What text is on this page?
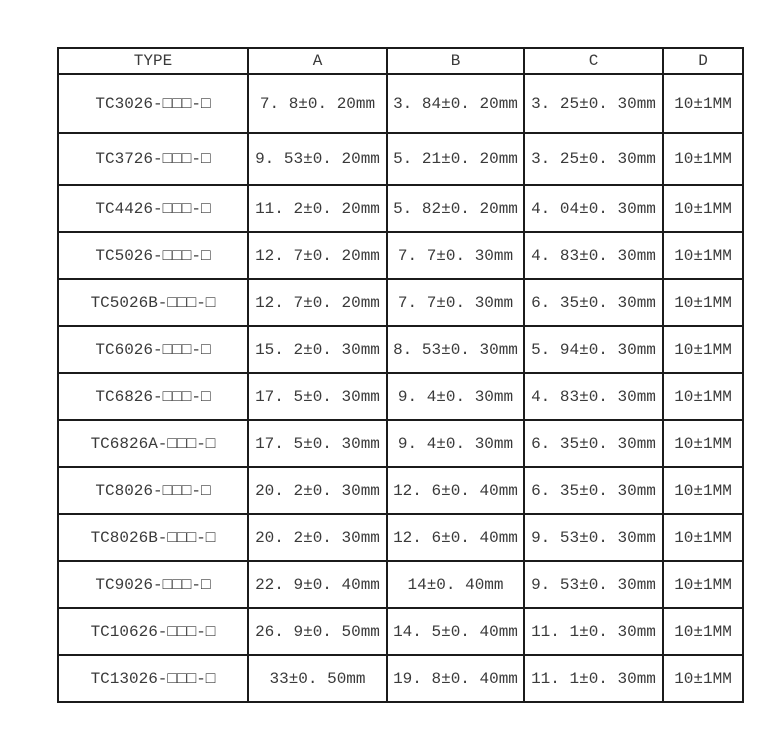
TYPE	A	B	C	D
TC3026-□□□-□	7. 8±0. 20mm	3. 84±0. 20mm	3. 25±0. 30mm	10±1MM
TC3726-□□□-□	9. 53±0. 20mm	5. 21±0. 20mm	3. 25±0. 30mm	10±1MM
TC4426-□□□-□	11. 2±0. 20mm	5. 82±0. 20mm	4. 04±0. 30mm	10±1MM
TC5026-□□□-□	12. 7±0. 20mm	7. 7±0. 30mm	4. 83±0. 30mm	10±1MM
TC5026B-□□□-□	12. 7±0. 20mm	7. 7±0. 30mm	6. 35±0. 30mm	10±1MM
TC6026-□□□-□	15. 2±0. 30mm	8. 53±0. 30mm	5. 94±0. 30mm	10±1MM
TC6826-□□□-□	17. 5±0. 30mm	9. 4±0. 30mm	4. 83±0. 30mm	10±1MM
TC6826A-□□□-□	17. 5±0. 30mm	9. 4±0. 30mm	6. 35±0. 30mm	10±1MM
TC8026-□□□-□	20. 2±0. 30mm	12. 6±0. 40mm	6. 35±0. 30mm	10±1MM
TC8026B-□□□-□	20. 2±0. 30mm	12. 6±0. 40mm	9. 53±0. 30mm	10±1MM
TC9026-□□□-□	22. 9±0. 40mm	14±0. 40mm	9. 53±0. 30mm	10±1MM
TC10626-□□□-□	26. 9±0. 50mm	14. 5±0. 40mm	11. 1±0. 30mm	10±1MM
TC13026-□□□-□	33±0. 50mm	19. 8±0. 40mm	11. 1±0. 30mm	10±1MM
